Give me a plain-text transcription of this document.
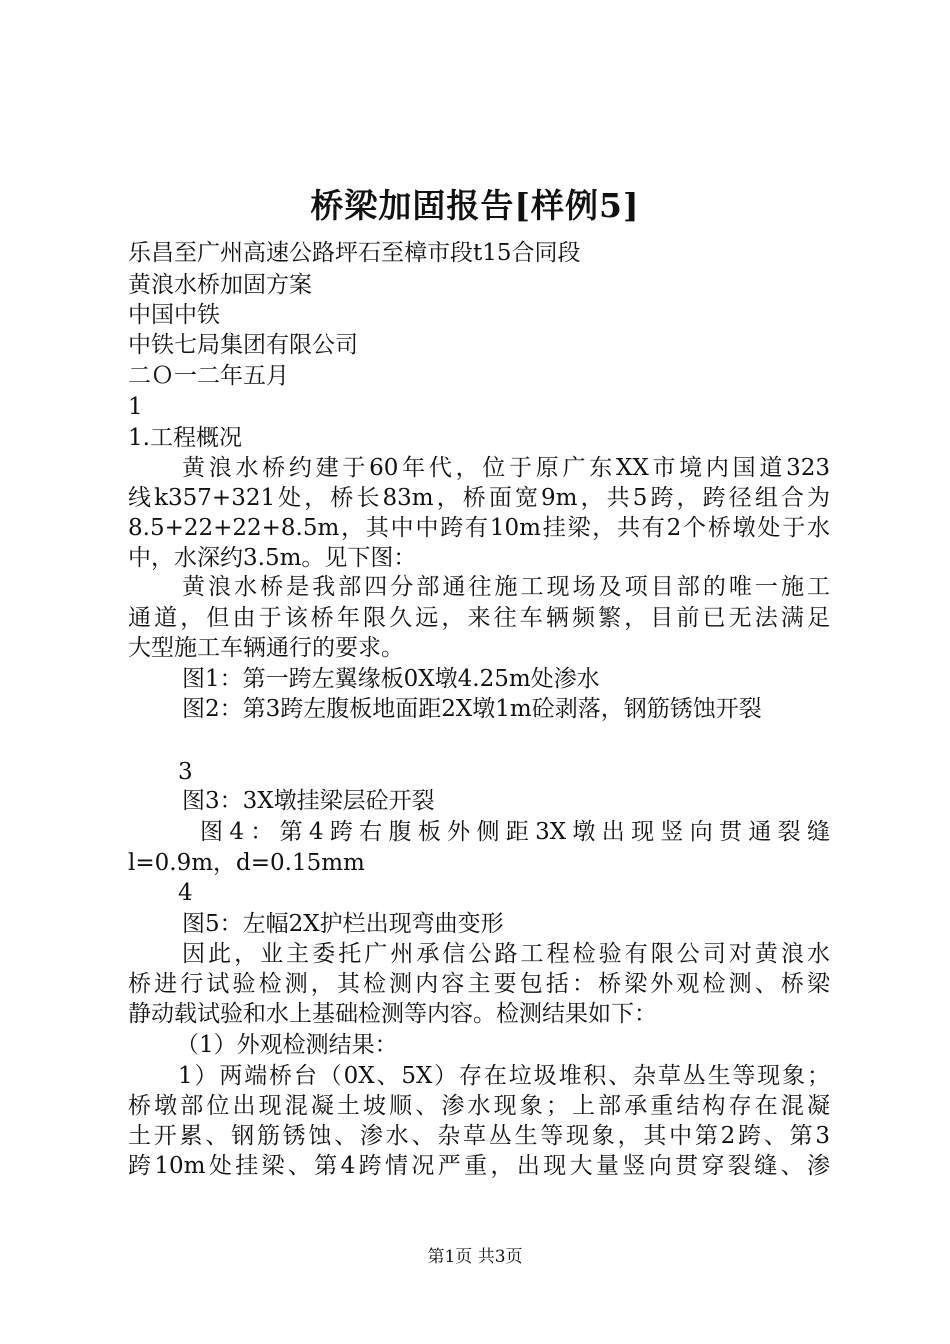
桥梁加固报告[样例5]
乐昌至广州高速公路坪石至樟市段t15合同段
黄浪水桥加固方案
中国中铁
中铁七局集团有限公司
二Ｏ一二年五月
1
1.工程概况
黄浪水桥约建于60年代，位于原广东XX市境内国道323
线k357+321处，桥长83m，桥面宽9m，共5跨，跨径组合为
8.5+22+22+8.5m，其中中跨有10m挂梁，共有2个桥墩处于水
中，水深约3.5m。见下图：
黄浪水桥是我部四分部通往施工现场及项目部的唯一施工
通道，但由于该桥年限久远，来往车辆频繁，目前已无法满足
大型施工车辆通行的要求。
图1：第一跨左翼缘板0X墩4.25m处渗水
图2：第3跨左腹板地面距2X墩1m砼剥落，钢筋锈蚀开裂
3
图3：3X墩挂梁层砼开裂
图4：第4跨右腹板外侧距3X墩出现竖向贯通裂缝
l=0.9m，d=0.15mm
4
图5：左幅2X护栏出现弯曲变形
因此，业主委托广州承信公路工程检验有限公司对黄浪水
桥进行试验检测，其检测内容主要包括：桥梁外观检测、桥梁
静动载试验和水上基础检测等内容。检测结果如下：
（1）外观检测结果：
1）两端桥台（0X、5X）存在垃圾堆积、杂草丛生等现象；
桥墩部位出现混凝土坡顺、渗水现象；上部承重结构存在混凝
土开累、钢筋锈蚀、渗水、杂草丛生等现象，其中第2跨、第3
跨10m处挂梁、第4跨情况严重，出现大量竖向贯穿裂缝、渗
第1页 共3页
